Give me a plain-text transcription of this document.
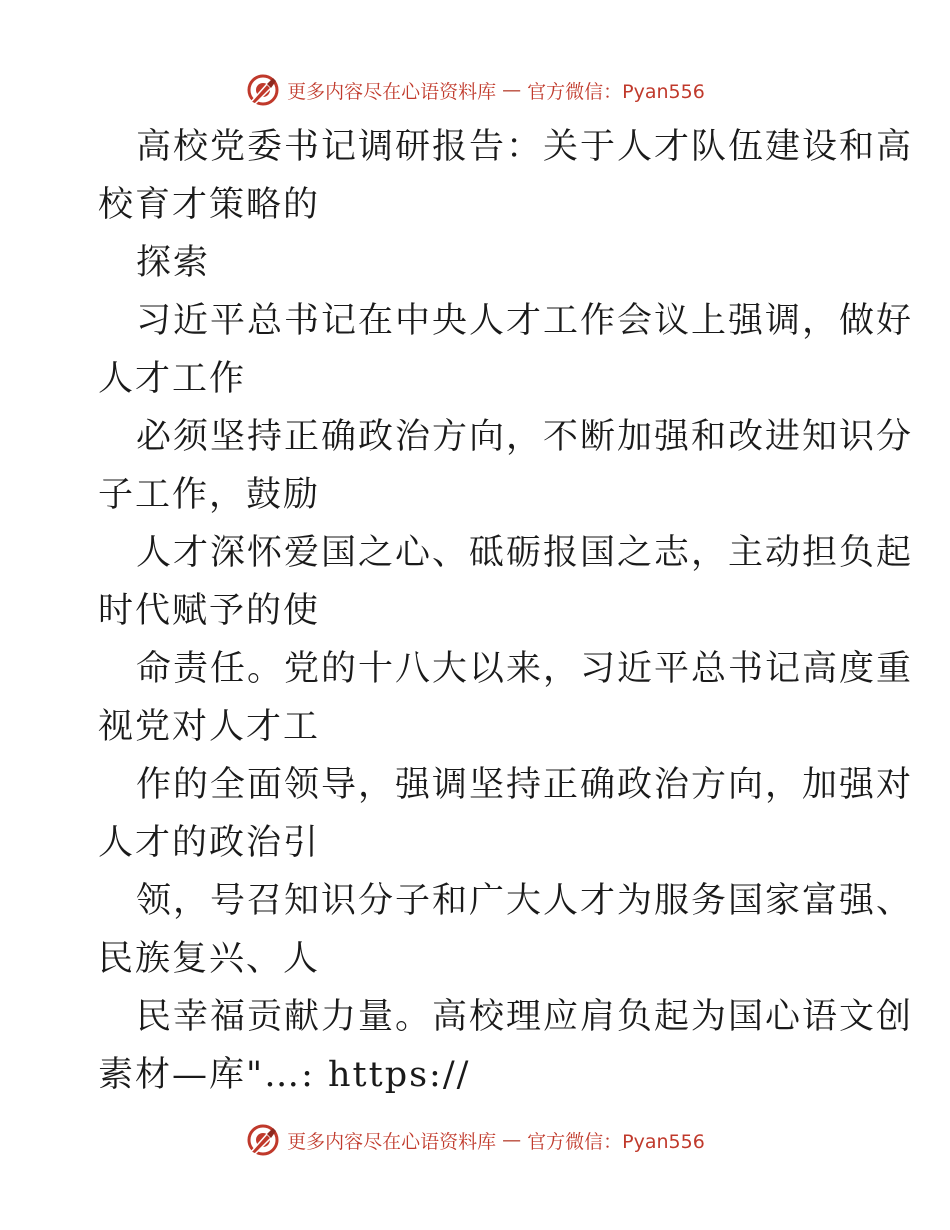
更多内容尽在心语资料库 — 官方微信：Pyan556
高校党委书记调研报告：关于人才队伍建设和高
校育才策略的
探索
习近平总书记在中央人才工作会议上强调，做好
人才工作
必须坚持正确政治方向，不断加强和改进知识分
子工作，鼓励
人才深怀爱国之心、砥砺报国之志，主动担负起
时代赋予的使
命责任。党的十八大以来，习近平总书记高度重
视党对人才工
作的全面领导，强调坚持正确政治方向，加强对
人才的政治引
领，号召知识分子和广大人才为服务国家富强、
民族复兴、人
民幸福贡献力量。高校理应肩负起为国心语文创
素材—库"…: https://
更多内容尽在心语资料库 — 官方微信：Pyan556
